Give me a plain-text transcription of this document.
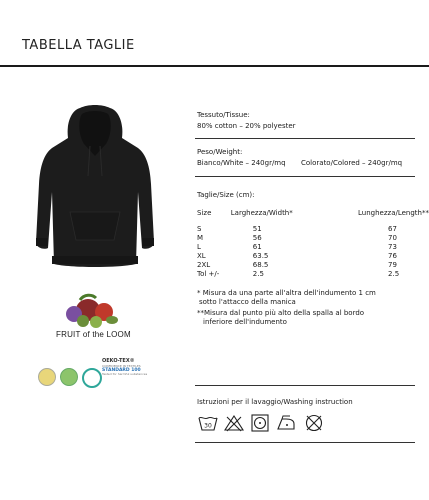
TABELLA TAGLIE
FRUIT of the LOOM
OEKO-TEX®
CONFIDENCE IN TEXTILES
STANDARD 100
Tested for harmful substances
Tessuto/Tissue:
80% cotton – 20% polyester
Peso/Weight:
Bianco/White – 240gr/mq Colorato/Colored – 240gr/mq
Taglie/Size (cm):
Size	Larghezza/Width*	Lunghezza/Length**
S	51	67
M	56	70
L	61	73
XL	63.5	76
2XL	68.5	79
Tol +/-	2.5	2.5
* Misura da una parte all'altra dell'indumento 1 cm
sotto l'attacco della manica
**Misura dal punto più alto della spalla al bordo
inferiore dell'indumento
Istruzioni per il lavaggio/Washing instruction
30
